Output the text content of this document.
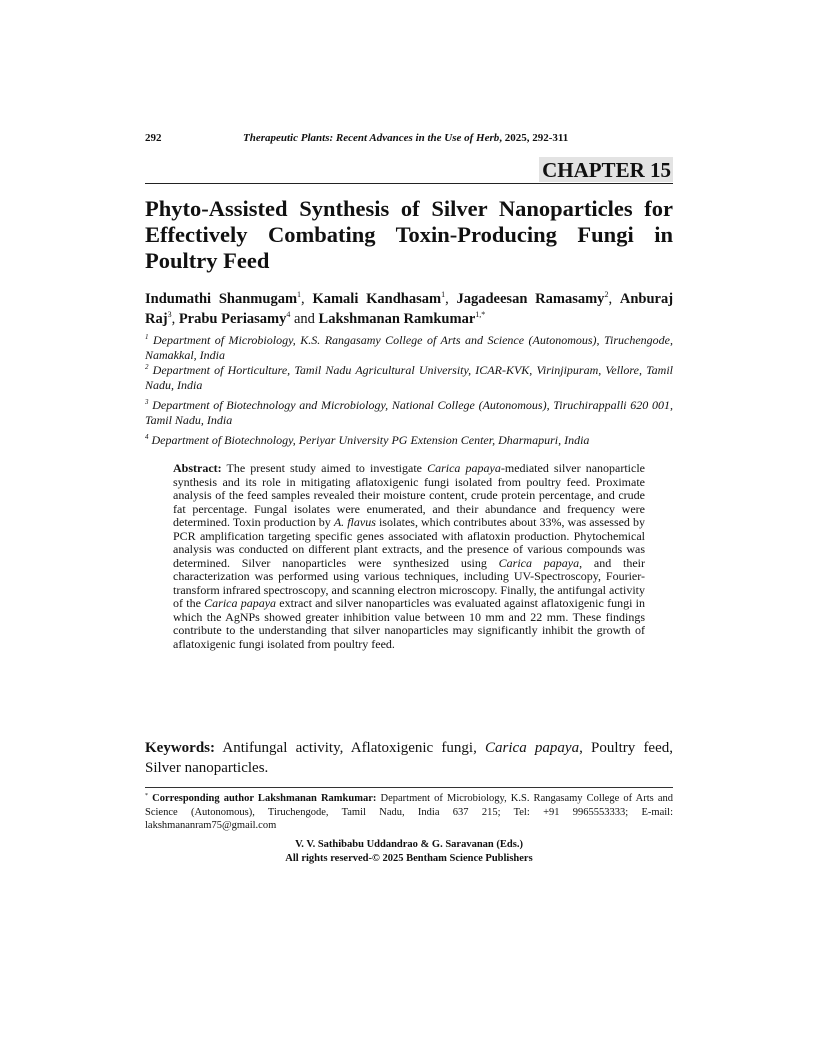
292	Therapeutic Plants: Recent Advances in the Use of Herb, 2025, 292-311
CHAPTER 15
Phyto-Assisted Synthesis of Silver Nanoparticles for Effectively Combating Toxin-Producing Fungi in Poultry Feed
Indumathi Shanmugam$^1$, Kamali Kandhasam$^1$, Jagadeesan Ramasamy$^2$, Anburaj Raj$^3$, Prabu Periasamy$^4$ and Lakshmanan Ramkumar$^{1,*}$
$^1$ Department of Microbiology, K.S. Rangasamy College of Arts and Science (Autonomous), Tiruchengode, Namakkal, India
$^2$ Department of Horticulture, Tamil Nadu Agricultural University, ICAR-KVK, Virinjipuram, Vellore, Tamil Nadu, India
$^3$ Department of Biotechnology and Microbiology, National College (Autonomous), Tiruchirappalli 620 001, Tamil Nadu, India
$^4$ Department of Biotechnology, Periyar University PG Extension Center, Dharmapuri, India
Abstract: The present study aimed to investigate Carica papaya-mediated silver nanoparticle synthesis and its role in mitigating aflatoxigenic fungi isolated from poultry feed. Proximate analysis of the feed samples revealed their moisture content, crude protein percentage, and crude fat percentage. Fungal isolates were enumerated, and their abundance and frequency were determined. Toxin production by A. flavus isolates, which contributes about 33%, was assessed by PCR amplification targeting specific genes associated with aflatoxin production. Phytochemical analysis was conducted on different plant extracts, and the presence of various compounds was determined. Silver nanoparticles were synthesized using Carica papaya, and their characterization was performed using various techniques, including UV-Spectroscopy, Fourier-transform infrared spectroscopy, and scanning electron microscopy. Finally, the antifungal activity of the Carica papaya extract and silver nanoparticles was evaluated against aflatoxigenic fungi in which the AgNPs showed greater inhibition value between 10 mm and 22 mm. These findings contribute to the understanding that silver nanoparticles may significantly inhibit the growth of aflatoxigenic fungi isolated from poultry feed.
Keywords: Antifungal activity, Aflatoxigenic fungi, Carica papaya, Poultry feed, Silver nanoparticles.
* Corresponding author Lakshmanan Ramkumar: Department of Microbiology, K.S. Rangasamy College of Arts and Science (Autonomous), Tiruchengode, Tamil Nadu, India 637 215; Tel: +91 9965553333; E-mail: lakshmananram75@gmail.com
V. V. Sathibabu Uddandrao & G. Saravanan (Eds.)
All rights reserved-© 2025 Bentham Science Publishers
